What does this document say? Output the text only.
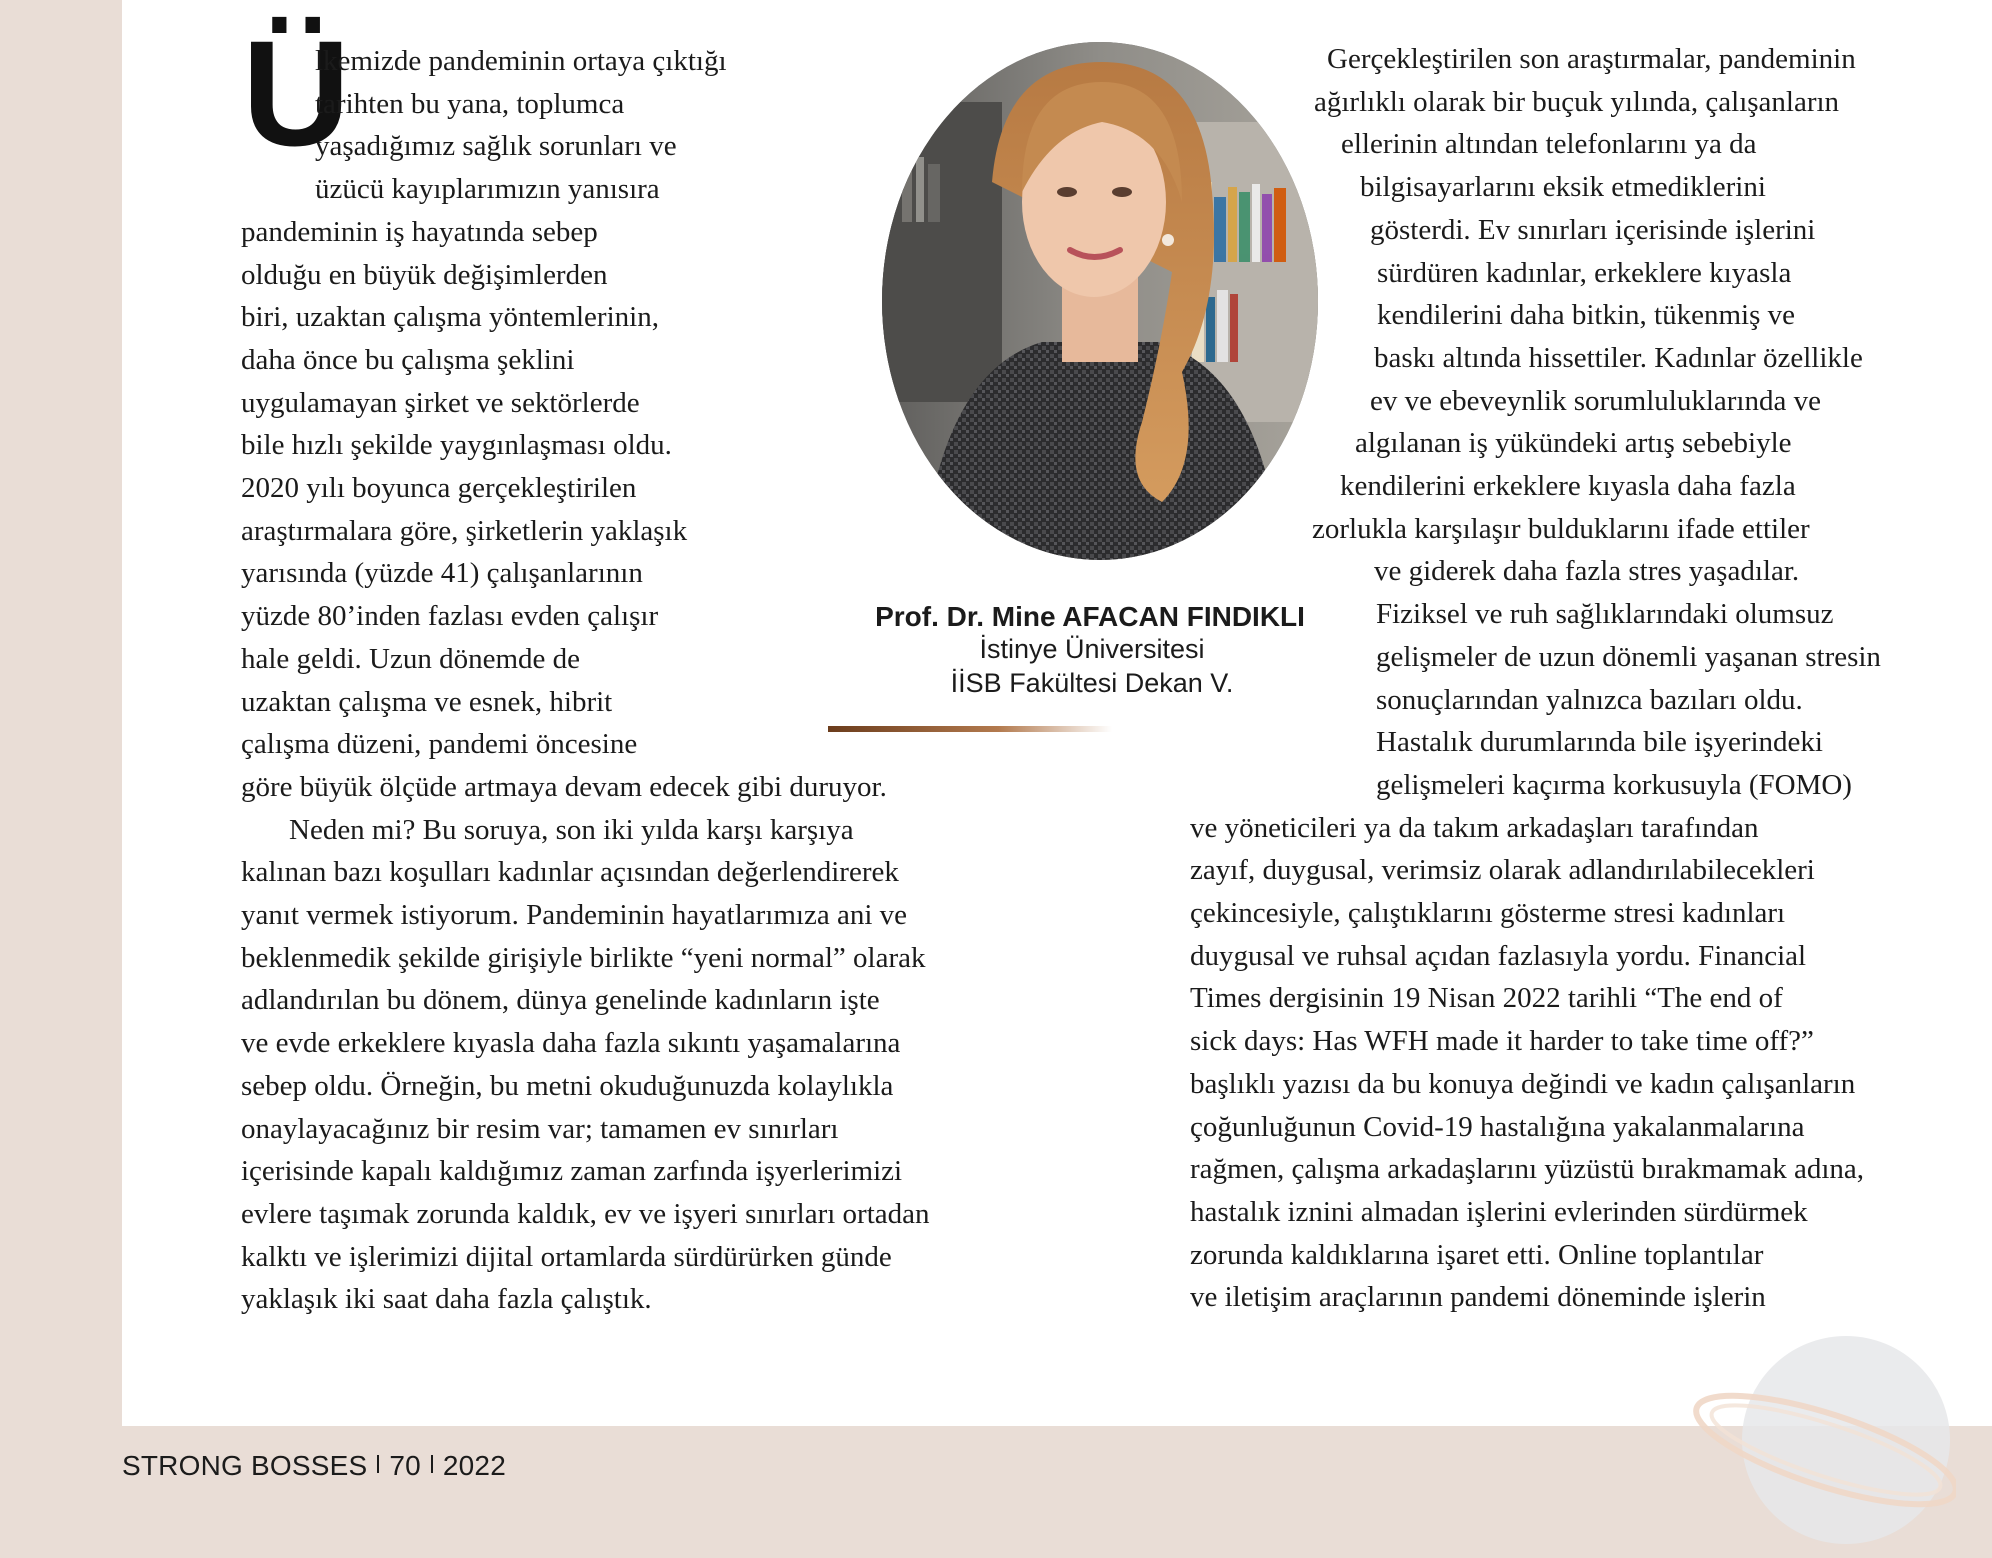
Ü
lkemizde pandeminin ortaya çıktığı
tarihten bu yana, toplumca
yaşadığımız sağlık sorunları ve
üzücü kayıplarımızın yanısıra
pandeminin iş hayatında sebep
olduğu en büyük değişimlerden
biri, uzaktan çalışma yöntemlerinin,
daha önce bu çalışma şeklini
uygulamayan şirket ve sektörlerde
bile hızlı şekilde yaygınlaşması oldu.
2020 yılı boyunca gerçekleştirilen
araştırmalara göre, şirketlerin yaklaşık
yarısında (yüzde 41) çalışanlarının
yüzde 80’inden fazlası evden çalışır
hale geldi. Uzun dönemde de
uzaktan çalışma ve esnek, hibrit
çalışma düzeni, pandemi öncesine
göre büyük ölçüde artmaya devam edecek gibi duruyor.
Neden mi? Bu soruya, son iki yılda karşı karşıya
kalınan bazı koşulları kadınlar açısından değerlendirerek
yanıt vermek istiyorum. Pandeminin hayatlarımıza ani ve
beklenmedik şekilde girişiyle birlikte “yeni normal” olarak
adlandırılan bu dönem, dünya genelinde kadınların işte
ve evde erkeklere kıyasla daha fazla sıkıntı yaşamalarına
sebep oldu. Örneğin, bu metni okuduğunuzda kolaylıkla
onaylayacağınız bir resim var; tamamen ev sınırları
içerisinde kapalı kaldığımız zaman zarfında işyerlerimizi
evlere taşımak zorunda kaldık, ev ve işyeri sınırları ortadan
kalktı ve işlerimizi dijital ortamlarda sürdürürken günde
yaklaşık iki saat daha fazla çalıştık.
Prof. Dr. Mine AFACAN FINDIKLI
İstinye Üniversitesi
İİSB Fakültesi Dekan V.
Gerçekleştirilen son araştırmalar, pandeminin
ağırlıklı olarak bir buçuk yılında, çalışanların
ellerinin altından telefonlarını ya da
bilgisayarlarını eksik etmediklerini
gösterdi. Ev sınırları içerisinde işlerini
sürdüren kadınlar, erkeklere kıyasla
kendilerini daha bitkin, tükenmiş ve
baskı altında hissettiler. Kadınlar özellikle
ev ve ebeveynlik sorumluluklarında ve
algılanan iş yükündeki artış sebebiyle
kendilerini erkeklere kıyasla daha fazla
zorlukla karşılaşır bulduklarını ifade ettiler
ve giderek daha fazla stres yaşadılar.
Fiziksel ve ruh sağlıklarındaki olumsuz
gelişmeler de uzun dönemli yaşanan stresin
sonuçlarından yalnızca bazıları oldu.
Hastalık durumlarında bile işyerindeki
gelişmeleri kaçırma korkusuyla (FOMO)
ve yöneticileri ya da takım arkadaşları tarafından
zayıf, duygusal, verimsiz olarak adlandırılabilecekleri
çekincesiyle, çalıştıklarını gösterme stresi kadınları
duygusal ve ruhsal açıdan fazlasıyla yordu. Financial
Times dergisinin 19 Nisan 2022 tarihli “The end of
sick days: Has WFH made it harder to take time off?”
başlıklı yazısı da bu konuya değindi ve kadın çalışanların
çoğunluğunun Covid-19 hastalığına yakalanmalarına
rağmen, çalışma arkadaşlarını yüzüstü bırakmamak adına,
hastalık iznini almadan işlerini evlerinden sürdürmek
zorunda kaldıklarına işaret etti. Online toplantılar
ve iletişim araçlarının pandemi döneminde işlerin
STRONG BOSSES 70 2022
